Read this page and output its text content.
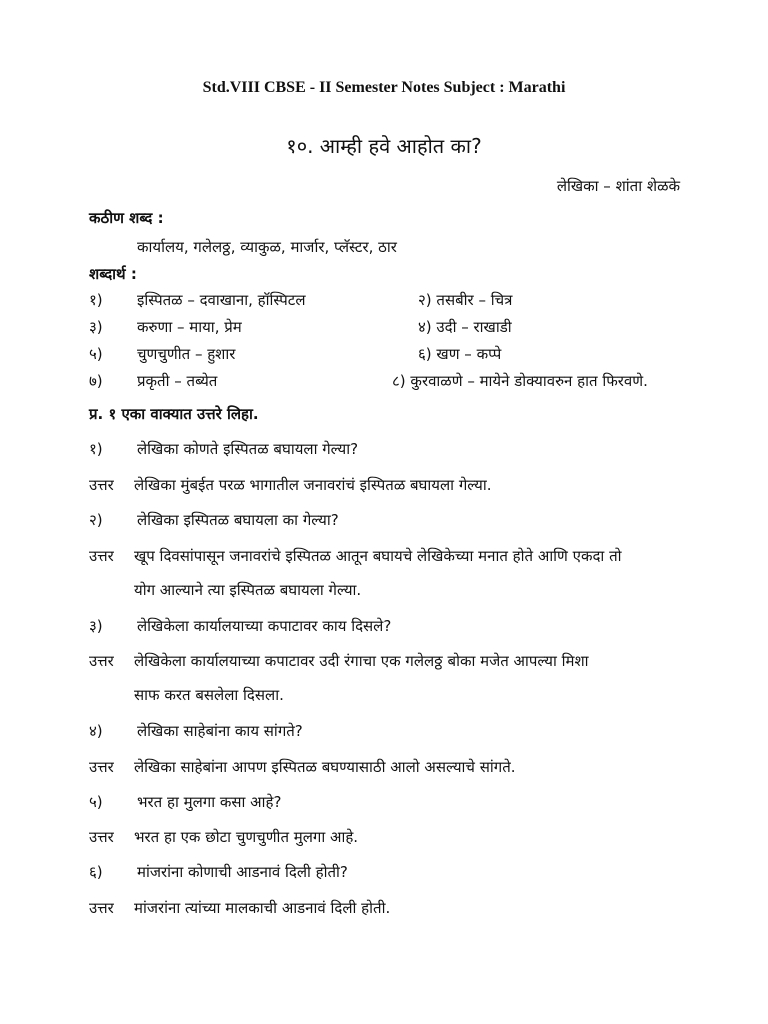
Std.VIII CBSE - II Semester Notes Subject : Marathi
१०. आम्ही हवे आहोत का?
लेखिका – शांता शेळके
कठीण शब्द :
कार्यालय, गलेलठ्ठ, व्याकुळ, मार्जार, प्लॅस्टर, ठार
शब्दार्थ :
१) इस्पितळ – दवाखाना, हॉस्पिटल	२) तसबीर – चित्र
३) करुणा – माया, प्रेम	४) उदी – राखाडी
५) चुणचुणीत – हुशार	६) खण – कप्पे
७) प्रकृती – तब्येत	८) कुरवाळणे – मायेने डोक्यावरुन हात फिरवणे.
प्र. १ एका वाक्यात उत्तरे लिहा.
१) लेखिका कोणते इस्पितळ बघायला गेल्या?
उत्तर लेखिका मुंबईत परळ भागातील जनावरांचं इस्पितळ बघायला गेल्या.
२) लेखिका इस्पितळ बघायला का गेल्या?
उत्तर खूप दिवसांपासून जनावरांचे इस्पितळ आतून बघायचे लेखिकेच्या मनात होते आणि एकदा तो
योग आल्याने त्या इस्पितळ बघायला गेल्या.
३) लेखिकेला कार्यालयाच्या कपाटावर काय दिसले?
उत्तर लेखिकेला कार्यालयाच्या कपाटावर उदी रंगाचा एक गलेलठ्ठ बोका मजेत आपल्या मिशा
साफ करत बसलेला दिसला.
४) लेखिका साहेबांना काय सांगते?
उत्तर लेखिका साहेबांना आपण इस्पितळ बघण्यासाठी आलो असल्याचे सांगते.
५) भरत हा मुलगा कसा आहे?
उत्तर भरत हा एक छोटा चुणचुणीत मुलगा आहे.
६) मांजरांना कोणाची आडनावं दिली होती?
उत्तर मांजरांना त्यांच्या मालकाची आडनावं दिली होती.
